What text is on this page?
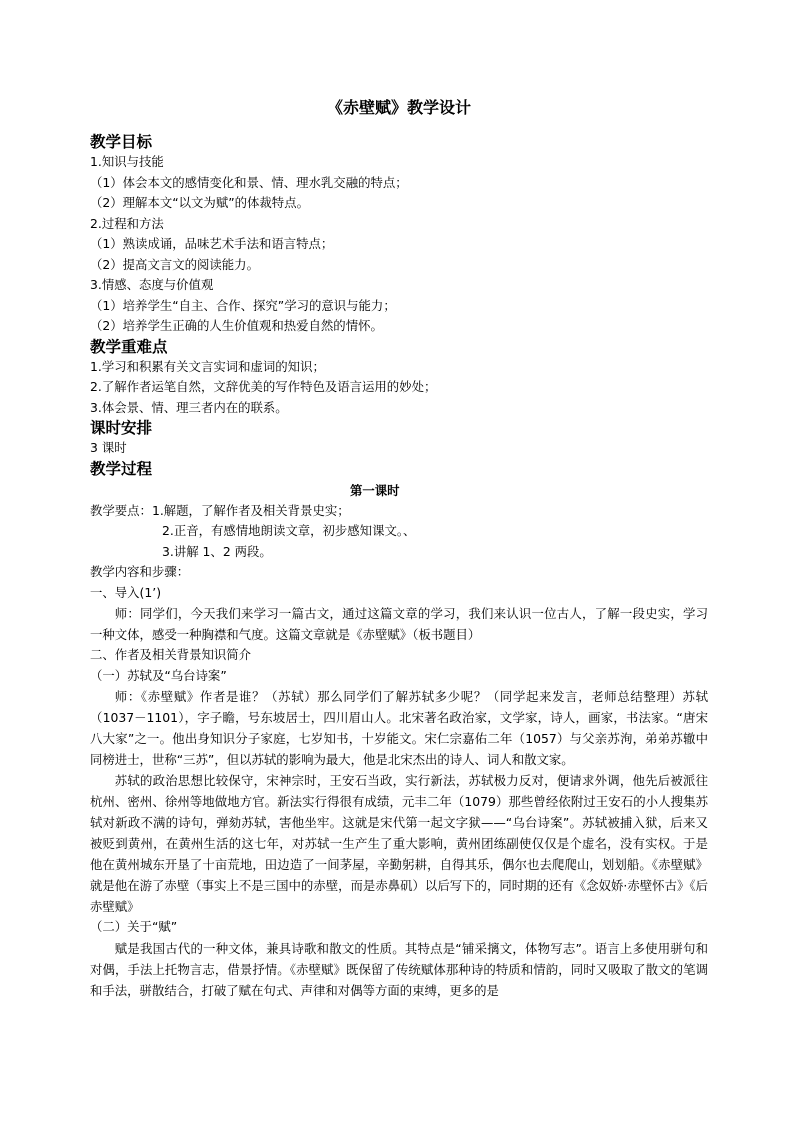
《赤壁赋》教学设计

教学目标

1.知识与技能

（1）体会本文的感情变化和景、情、理水乳交融的特点；

（2）理解本文“以文为赋”的体裁特点。

2.过程和方法

（1）熟读成诵，品味艺术手法和语言特点；

（2）提高文言文的阅读能力。

3.情感、态度与价值观

（1）培养学生“自主、合作、探究”学习的意识与能力；

（2）培养学生正确的人生价值观和热爱自然的情怀。

教学重难点

1.学习和积累有关文言实词和虚词的知识；

2.了解作者运笔自然，文辞优美的写作特色及语言运用的妙处；

3.体会景、情、理三者内在的联系。

课时安排

3 课时

教学过程

第一课时

教学要点：1.解题，了解作者及相关背景史实；

2.正音，有感情地朗读文章，初步感知课文。、

3.讲解 1、2 两段。

教学内容和步骤：

一、导入(1’)

师：同学们，今天我们来学习一篇古文，通过这篇文章的学习，我们来认识一位古人，了解一段史实，学习一种文体，感受一种胸襟和气度。这篇文章就是《赤壁赋》（板书题目）

二、作者及相关背景知识简介

（一）苏轼及“乌台诗案”

师：《赤壁赋》作者是谁？（苏轼）那么同学们了解苏轼多少呢？（同学起来发言，老师总结整理）苏轼（1037－1101），字子瞻，号东坡居士，四川眉山人。北宋著名政治家，文学家，诗人，画家，书法家。“唐宋八大家”之一。他出身知识分子家庭，七岁知书，十岁能文。宋仁宗嘉佑二年（1057）与父亲苏洵，弟弟苏辙中同榜进士，世称“三苏”，但以苏轼的影响为最大，他是北宋杰出的诗人、词人和散文家。

苏轼的政治思想比较保守，宋神宗时，王安石当政，实行新法，苏轼极力反对，便请求外调，他先后被派往杭州、密州、徐州等地做地方官。新法实行得很有成绩，元丰二年（1079）那些曾经依附过王安石的小人搜集苏轼对新政不满的诗句，弹劾苏轼，害他坐牢。这就是宋代第一起文字狱——“乌台诗案”。苏轼被捕入狱，后来又被贬到黄州，在黄州生活的这七年，对苏轼一生产生了重大影响，黄州团练副使仅仅是个虚名，没有实权。于是他在黄州城东开垦了十亩荒地，田边造了一间茅屋，辛勤躬耕，自得其乐，偶尔也去爬爬山，划划船。《赤壁赋》就是他在游了赤壁（事实上不是三国中的赤壁，而是赤鼻矶）以后写下的，同时期的还有《念奴娇·赤壁怀古》《后赤壁赋》

（二）关于“赋”

赋是我国古代的一种文体，兼具诗歌和散文的性质。其特点是“铺采摛文，体物写志”。语言上多使用骈句和对偶，手法上托物言志，借景抒情。《赤壁赋》既保留了传统赋体那种诗的特质和情韵，同时又吸取了散文的笔调和手法，骈散结合，打破了赋在句式、声律和对偶等方面的束缚，更多的是
